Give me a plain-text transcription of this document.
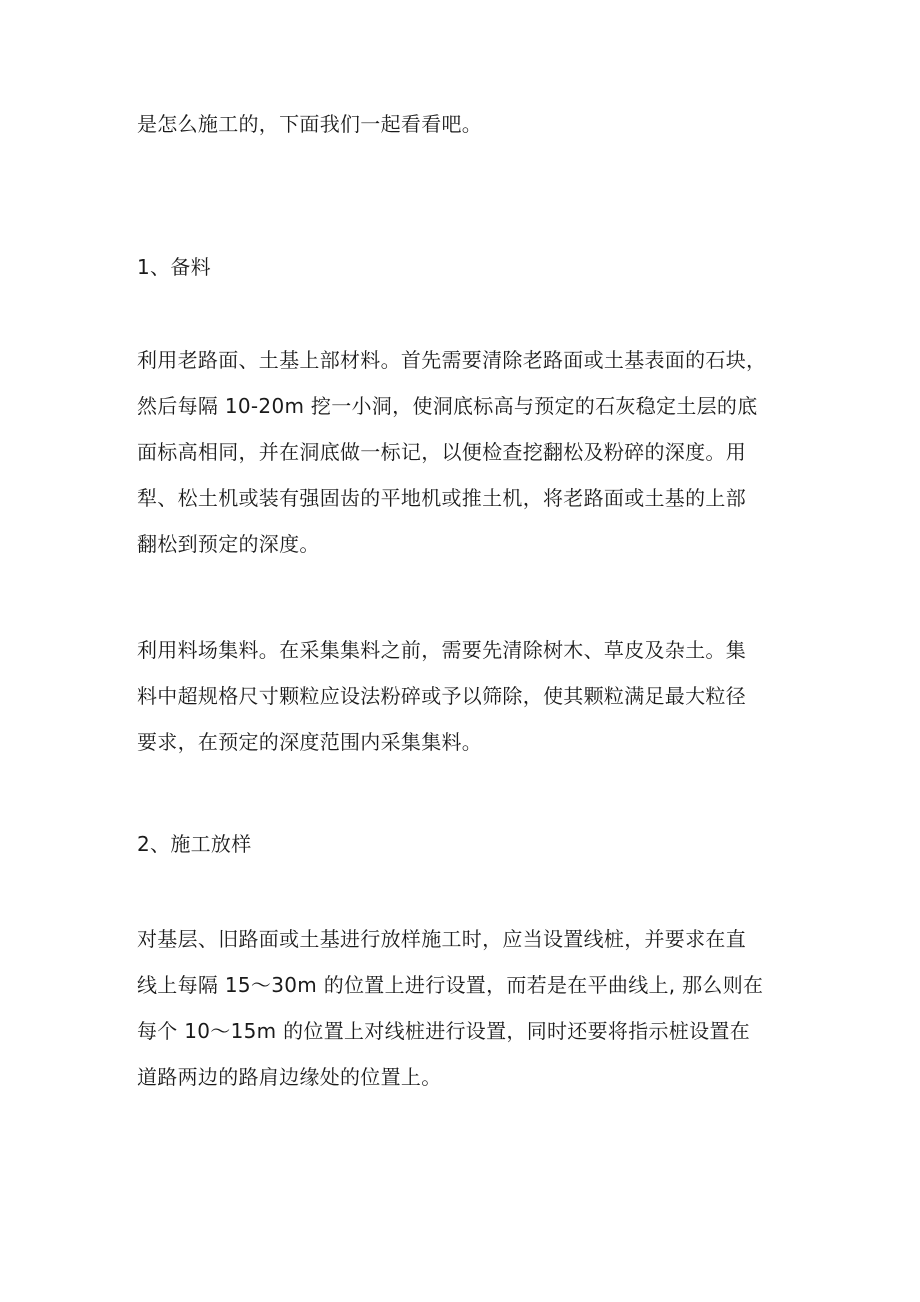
是怎么施工的，下面我们一起看看吧。

1、备料

利用老路面、土基上部材料。首先需要清除老路面或土基表面的石块，
然后每隔 10-20m 挖一小洞，使洞底标高与预定的石灰稳定土层的底
面标高相同，并在洞底做一标记，以便检查挖翻松及粉碎的深度。用
犁、松土机或装有强固齿的平地机或推土机，将老路面或土基的上部
翻松到预定的深度。

利用料场集料。在采集集料之前，需要先清除树木、草皮及杂土。集
料中超规格尺寸颗粒应设法粉碎或予以筛除，使其颗粒满足最大粒径
要求，在预定的深度范围内采集集料。

2、施工放样

对基层、旧路面或土基进行放样施工时，应当设置线桩，并要求在直
线上每隔 15～30m 的位置上进行设置，而若是在平曲线上, 那么则在
每个 10～15m 的位置上对线桩进行设置，同时还要将指示桩设置在
道路两边的路肩边缘处的位置上。
